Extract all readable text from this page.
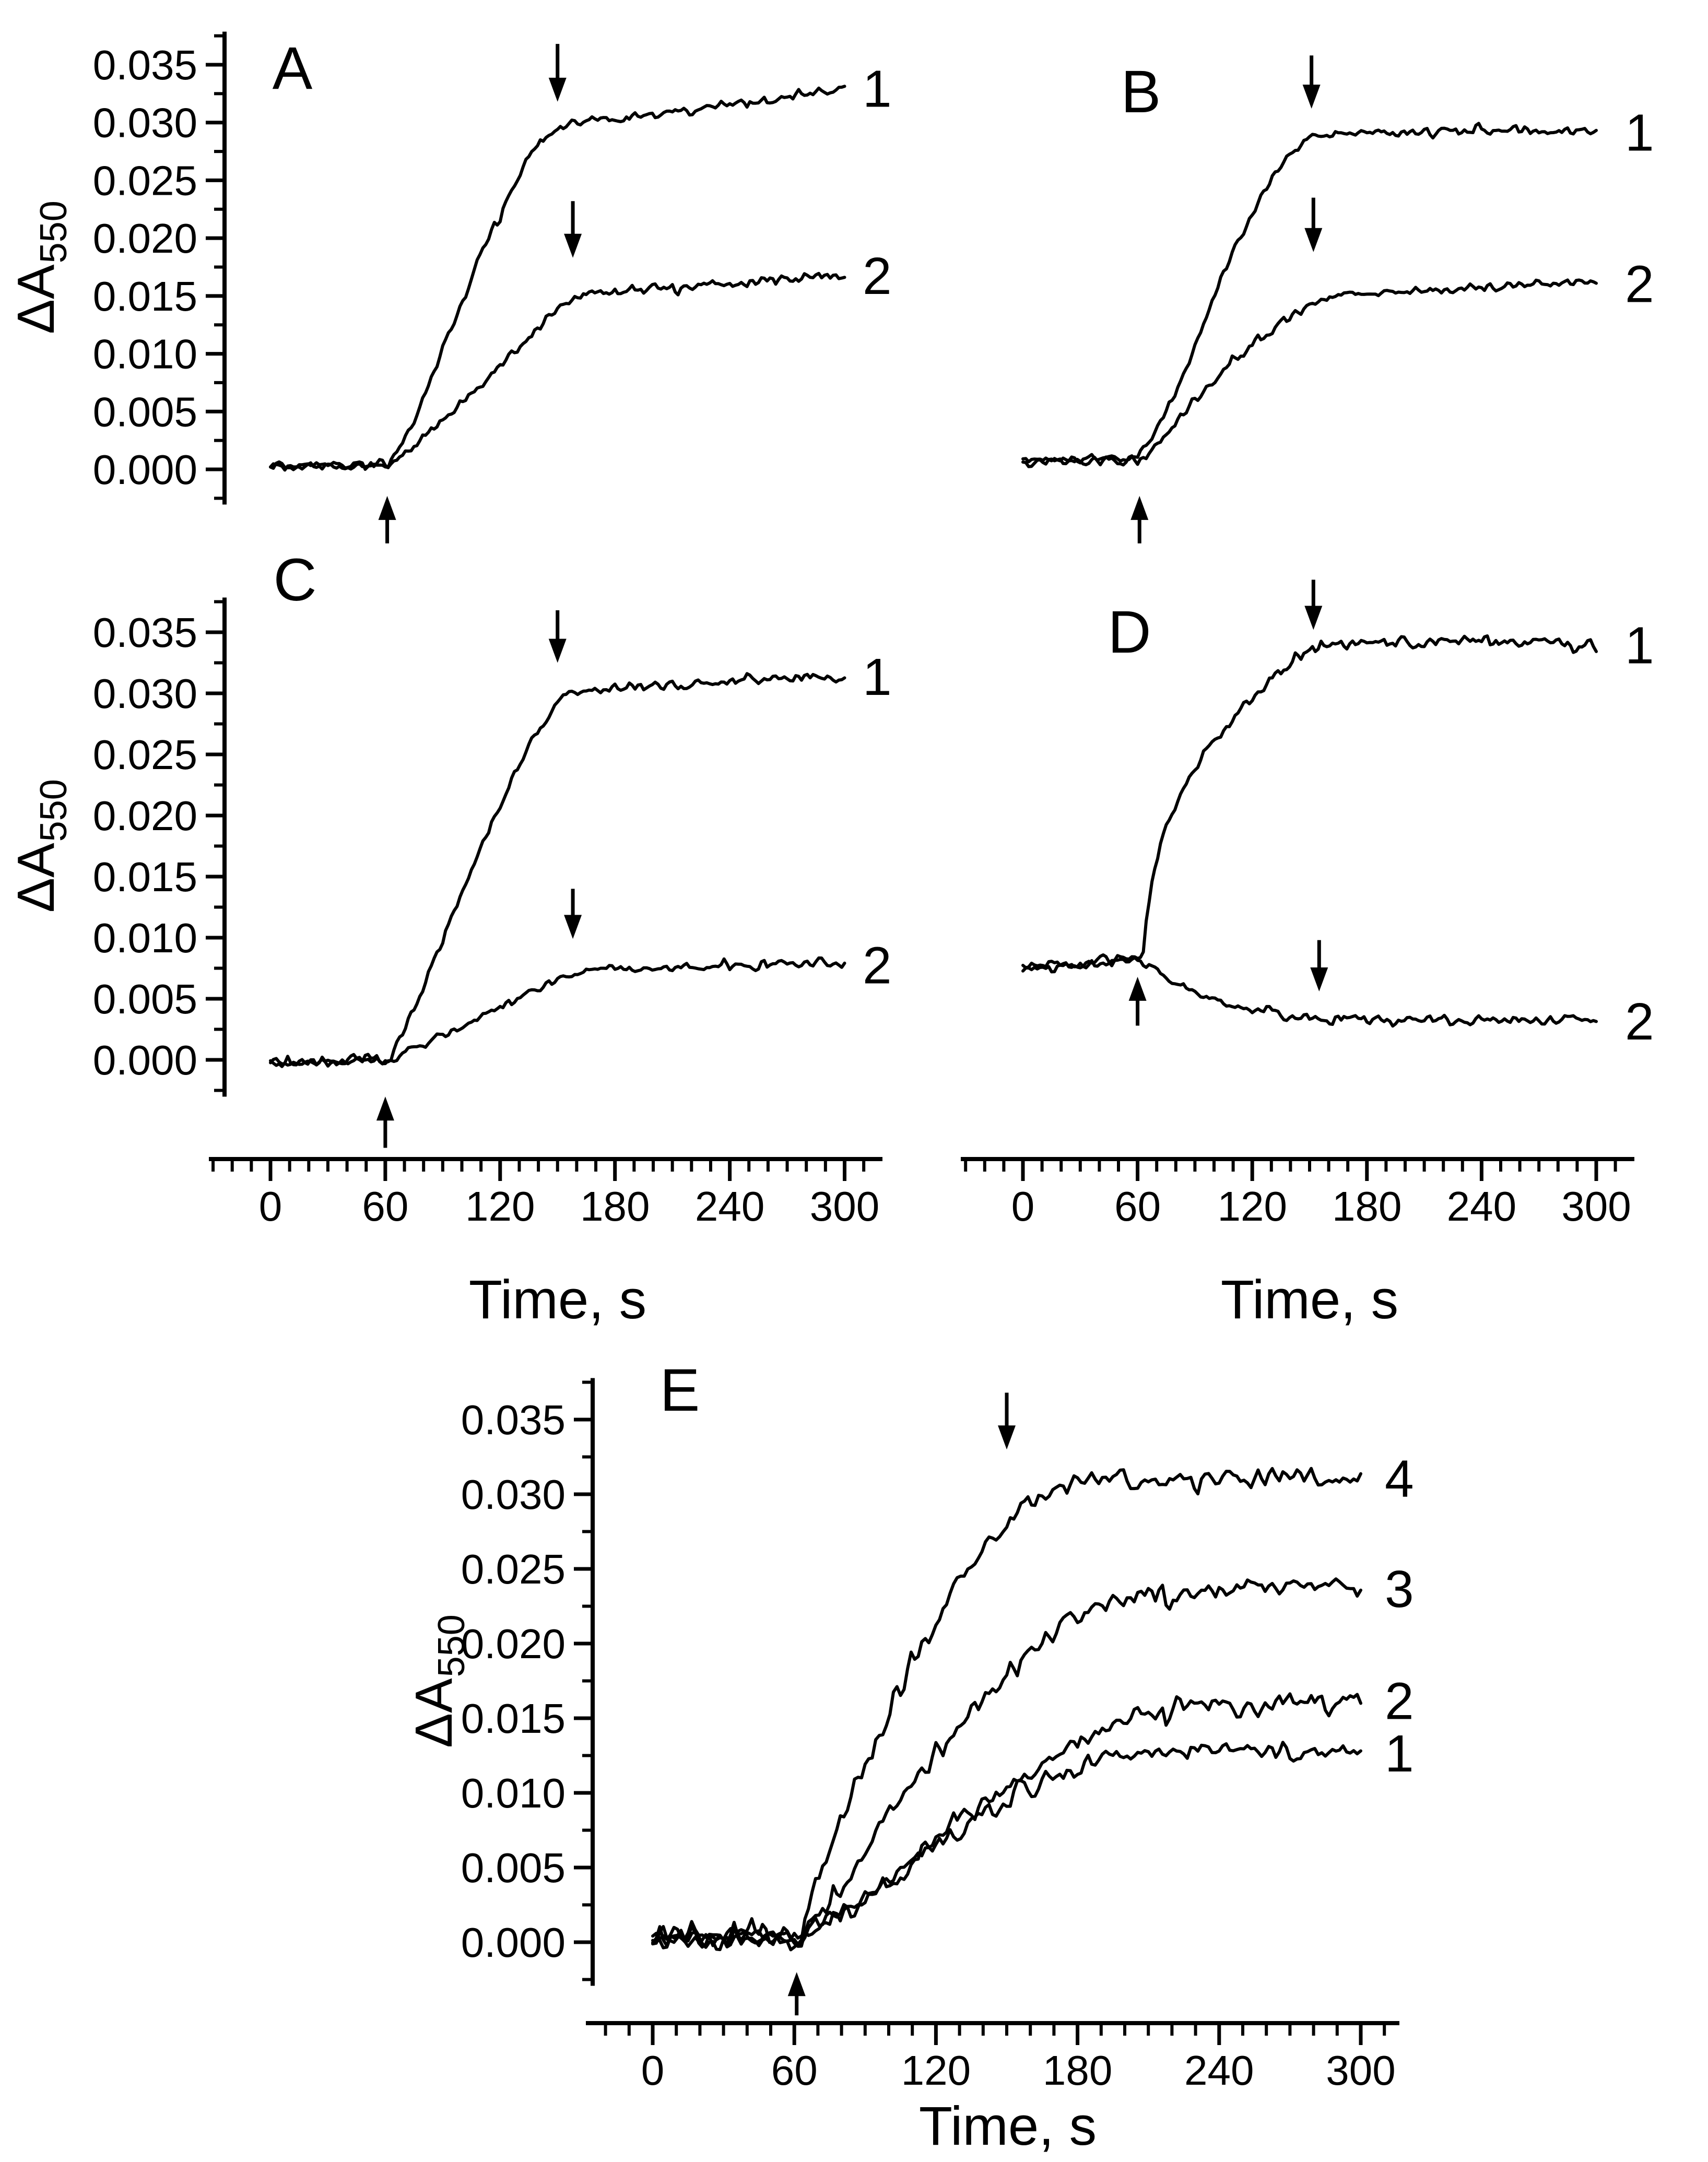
A
0.035
0.030
0.025
0.020
0.015
0.010
0.005
0.000
$\Delta A_{550}$
1
2
B
1
2
C
0.035
0.030
0.025
0.020
0.015
0.010
0.005
0.000
$\Delta A_{550}$
0 60 120 180 240 300
Time, s
1
2
D
0 60 120 180 240 300
Time, s
1
2
E
0.035
0.030
0.025
0.020
0.015
0.010
0.005
0.000
$\Delta A_{550}$
0	60 120 180 240 300
Time, s
4
3
2
1
